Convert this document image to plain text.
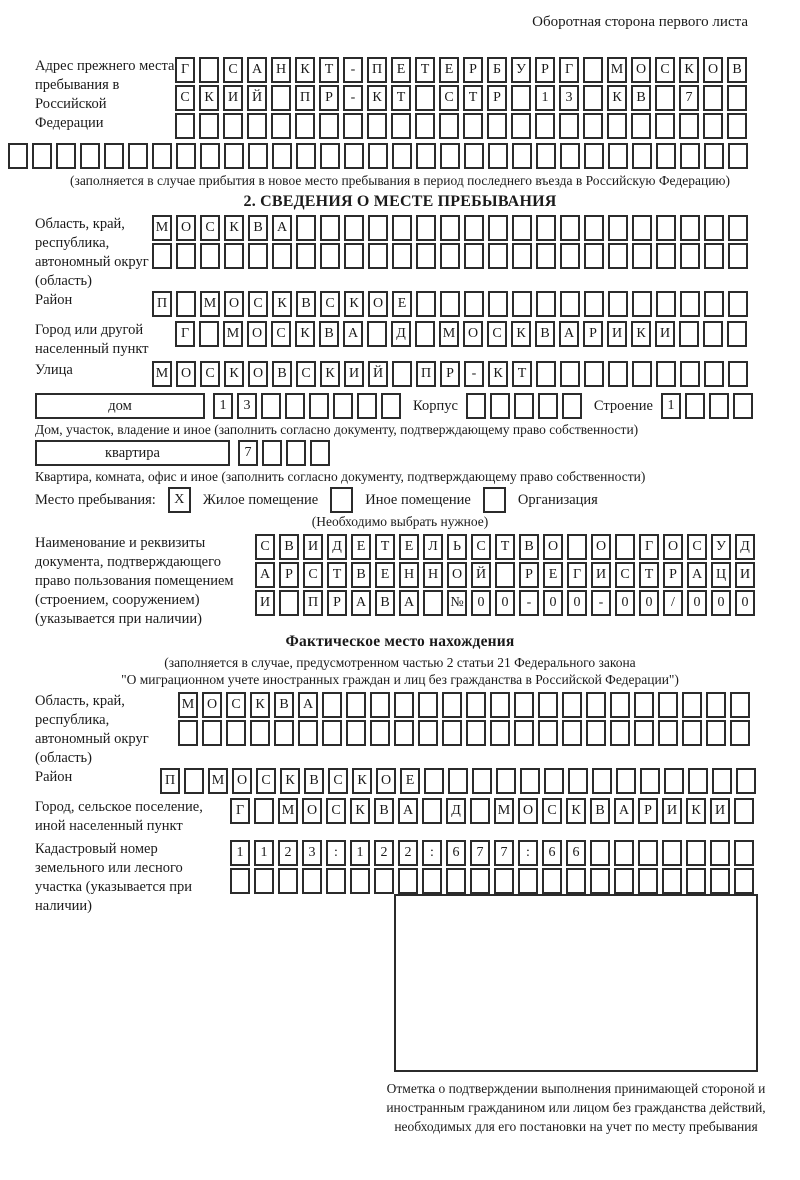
Оборотная сторона первого листа
Адрес прежнего места пребывания в Российской Федерации
Г	С А Н К Т - П Е Т Е Р Б У Р Г	М О С К О В
С К И Й	П Р - К Т	С Т Р	1 3	К В	7
(заполняется в случае прибытия в новое место пребывания в период последнего въезда в Российскую Федерацию)
2. СВЕДЕНИЯ О МЕСТЕ ПРЕБЫВАНИЯ
Область, край, республика, автономный округ (область)
М О С К В А
Район	П	М О С К В С К О Е
Город или другой населенный пункт
Г	М О С К В А	Д	М О С К В А Р И К И
Улица	М О С К О В С К И Й	П Р - К Т
дом	1 3	Корпус	Строение	1
Дом, участок, владение и иное (заполнить согласно документу, подтверждающему право собственности)
квартира	7
Квартира, комната, офис и иное (заполнить согласно документу, подтверждающему право собственности)
Место пребывания:	X	Жилое помещение	Иное помещение	Организация
(Необходимо выбрать нужное)
Наименование и реквизиты документа, подтверждающего право пользования помещением (строением, сооружением) (указывается при наличии)
С В И Д Е Т Е Л Ь С Т В О	О	Г О С У Д
А Р С Т В Е Н Н О Й	Р Е Г И С Т Р А Ц И
И	П Р А В А	№ 0 0 - 0 0 - 0 0 / 0 0 0
Фактическое место нахождения
(заполняется в случае, предусмотренном частью 2 статьи 21 Федерального закона
"О миграционном учете иностранных граждан и лиц без гражданства в Российской Федерации")
Область, край, республика, автономный округ (область)
М О С К В А
Район	П	М О С К В С К О Е
Город, сельское поселение, иной населенный пункт
Г	М О С К В А	Д	М О С К В А Р И К И
Кадастровый номер земельного или лесного участка (указывается при наличии)
1 1 2 3 : 1 2 2 : 6 7 7 : 6 6
Отметка о подтверждении выполнения принимающей стороной и иностранным гражданином или лицом без гражданства действий, необходимых для его постановки на учет по месту пребывания
